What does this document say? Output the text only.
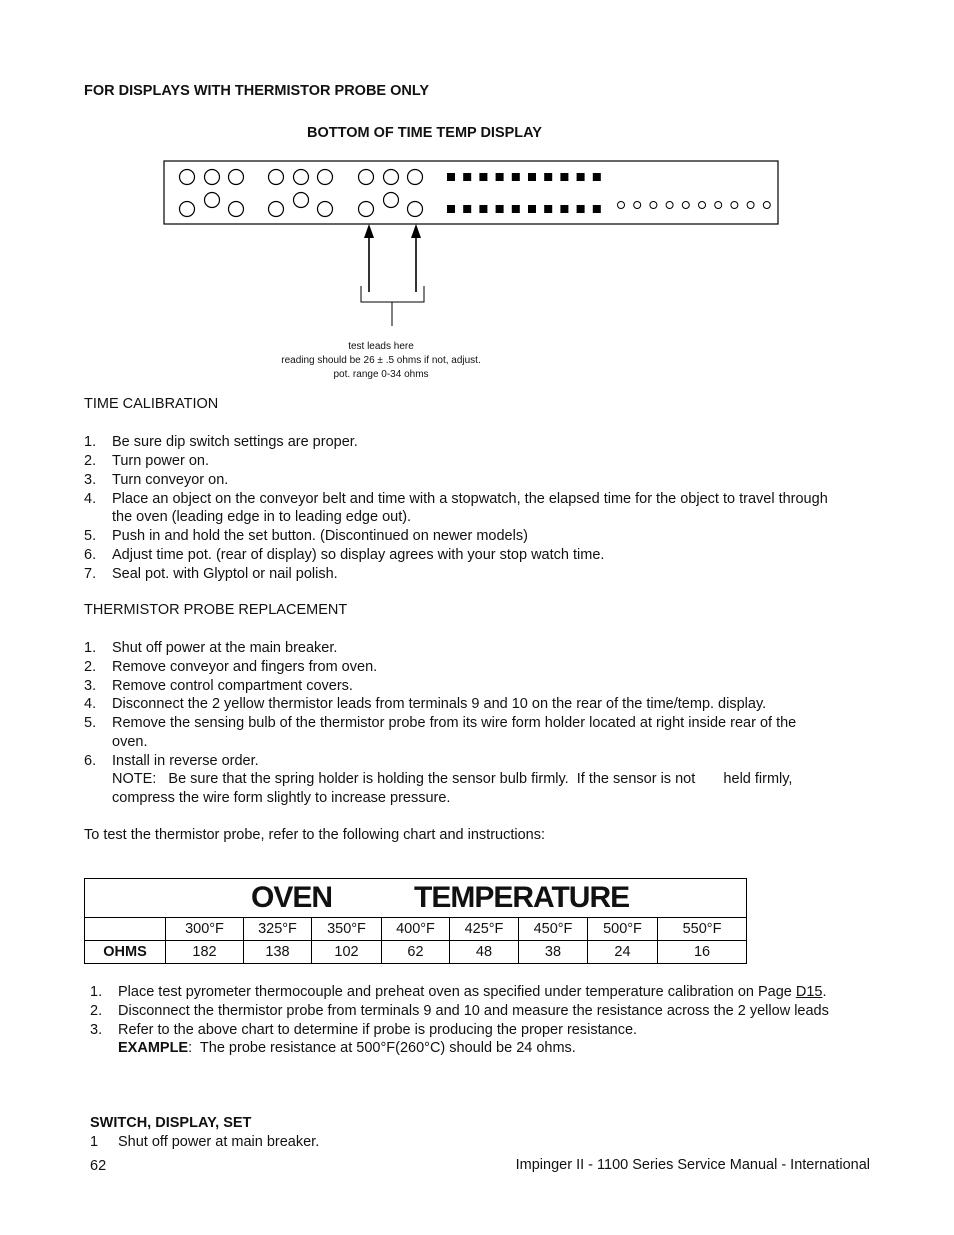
FOR DISPLAYS WITH THERMISTOR PROBE ONLY
BOTTOM OF TIME TEMP DISPLAY
test leads here
reading should be 26 ± .5 ohms if not, adjust.
pot. range 0-34 ohms
TIME CALIBRATION
1. Be sure dip switch settings are proper.
2. Turn power on.
3. Turn conveyor on.
4. Place an object on the conveyor belt and time with a stopwatch, the elapsed time for the object to travel through
the oven (leading edge in to leading edge out).
5. Push in and hold the set button. (Discontinued on newer models)
6. Adjust time pot. (rear of display) so display agrees with your stop watch time.
7. Seal pot. with Glyptol or nail polish.
THERMISTOR PROBE REPLACEMENT
1. Shut off power at the main breaker.
2. Remove conveyor and fingers from oven.
3. Remove control compartment covers.
4. Disconnect the 2 yellow thermistor leads from terminals 9 and 10 on the rear of the time/temp. display.
5. Remove the sensing bulb of the thermistor probe from its wire form holder located at right inside rear of the
oven.
6. Install in reverse order.
NOTE:   Be sure that the spring holder is holding the sensor bulb firmly.  If the sensor is not       held firmly,
compress the wire form slightly to increase pressure.
To test the thermistor probe, refer to the following chart and instructions:
OVEN TEMPERATURE								

	300°F	325°F	350°F	400°F	425°F	450°F	500°F	550°F
OHMS	182	138	102	62	48	38	24	16
1. Place test pyrometer thermocouple and preheat oven as specified under temperature calibration on Page D15.
2. Disconnect the thermistor probe from terminals 9 and 10 and measure the resistance across the 2 yellow leads
3. Refer to the above chart to determine if probe is producing the proper resistance.
EXAMPLE:  The probe resistance at 500°F(260°C) should be 24 ohms.
SWITCH, DISPLAY, SET
1 Shut off power at main breaker.
62	Impinger II - 1100 Series Service Manual - International
